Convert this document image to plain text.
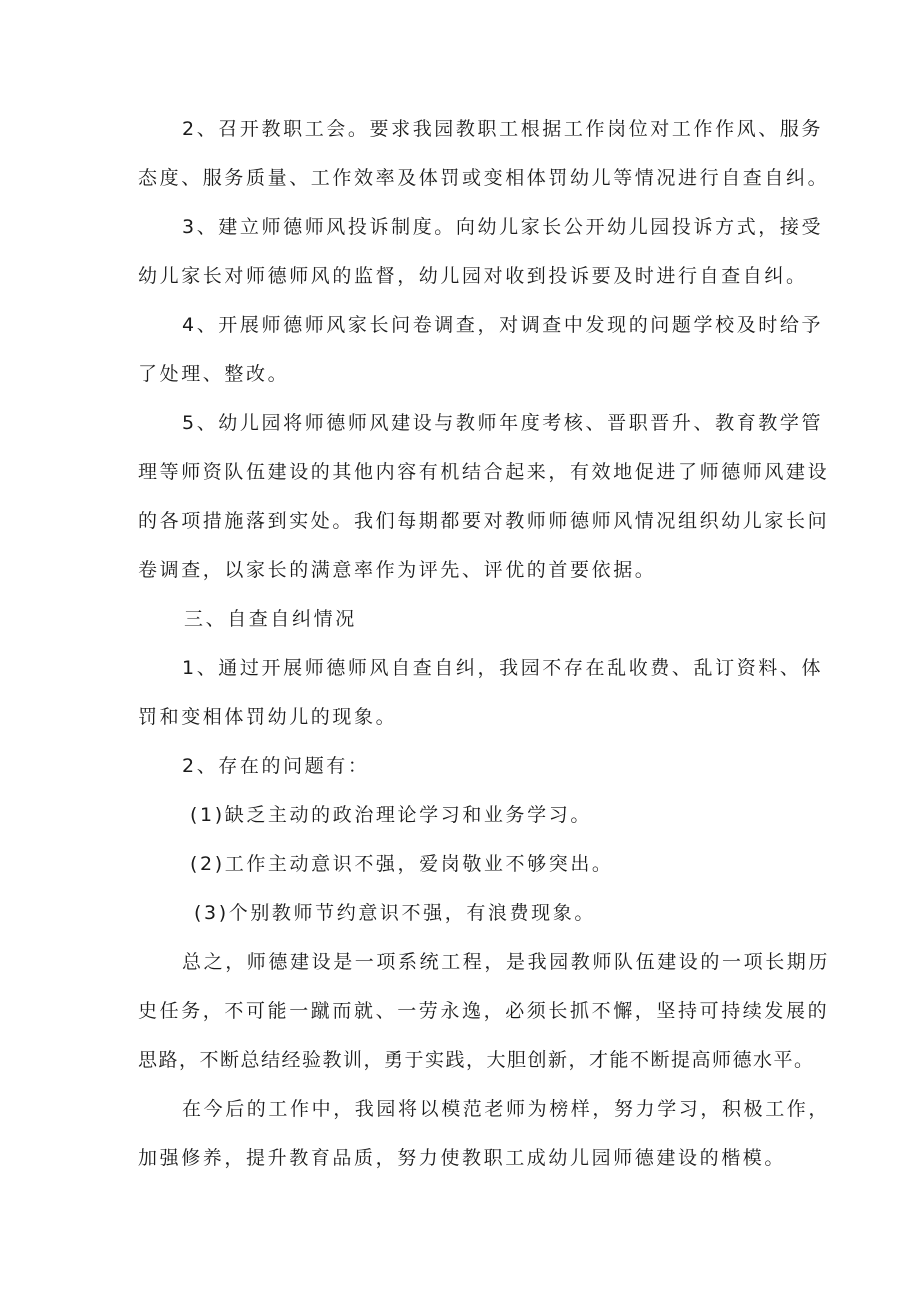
2、召开教职工会。要求我园教职工根据工作岗位对工作作风、服务
态度、服务质量、工作效率及体罚或变相体罚幼儿等情况进行自查自纠。
3、建立师德师风投诉制度。向幼儿家长公开幼儿园投诉方式，接受
幼儿家长对师德师风的监督，幼儿园对收到投诉要及时进行自查自纠。
4、开展师德师风家长问卷调查，对调查中发现的问题学校及时给予
了处理、整改。
5、幼儿园将师德师风建设与教师年度考核、晋职晋升、教育教学管
理等师资队伍建设的其他内容有机结合起来，有效地促进了师德师风建设
的各项措施落到实处。我们每期都要对教师师德师风情况组织幼儿家长问
卷调查，以家长的满意率作为评先、评优的首要依据。
三、自查自纠情况
1、通过开展师德师风自查自纠，我园不存在乱收费、乱订资料、体
罚和变相体罚幼儿的现象。
2、存在的问题有：
(1)缺乏主动的政治理论学习和业务学习。
(2)工作主动意识不强，爱岗敬业不够突出。
(3)个别教师节约意识不强，有浪费现象。
总之，师德建设是一项系统工程，是我园教师队伍建设的一项长期历
史任务，不可能一蹴而就、一劳永逸，必须长抓不懈，坚持可持续发展的
思路，不断总结经验教训，勇于实践，大胆创新，才能不断提高师德水平。
在今后的工作中，我园将以模范老师为榜样，努力学习，积极工作，
加强修养，提升教育品质，努力使教职工成幼儿园师德建设的楷模。
